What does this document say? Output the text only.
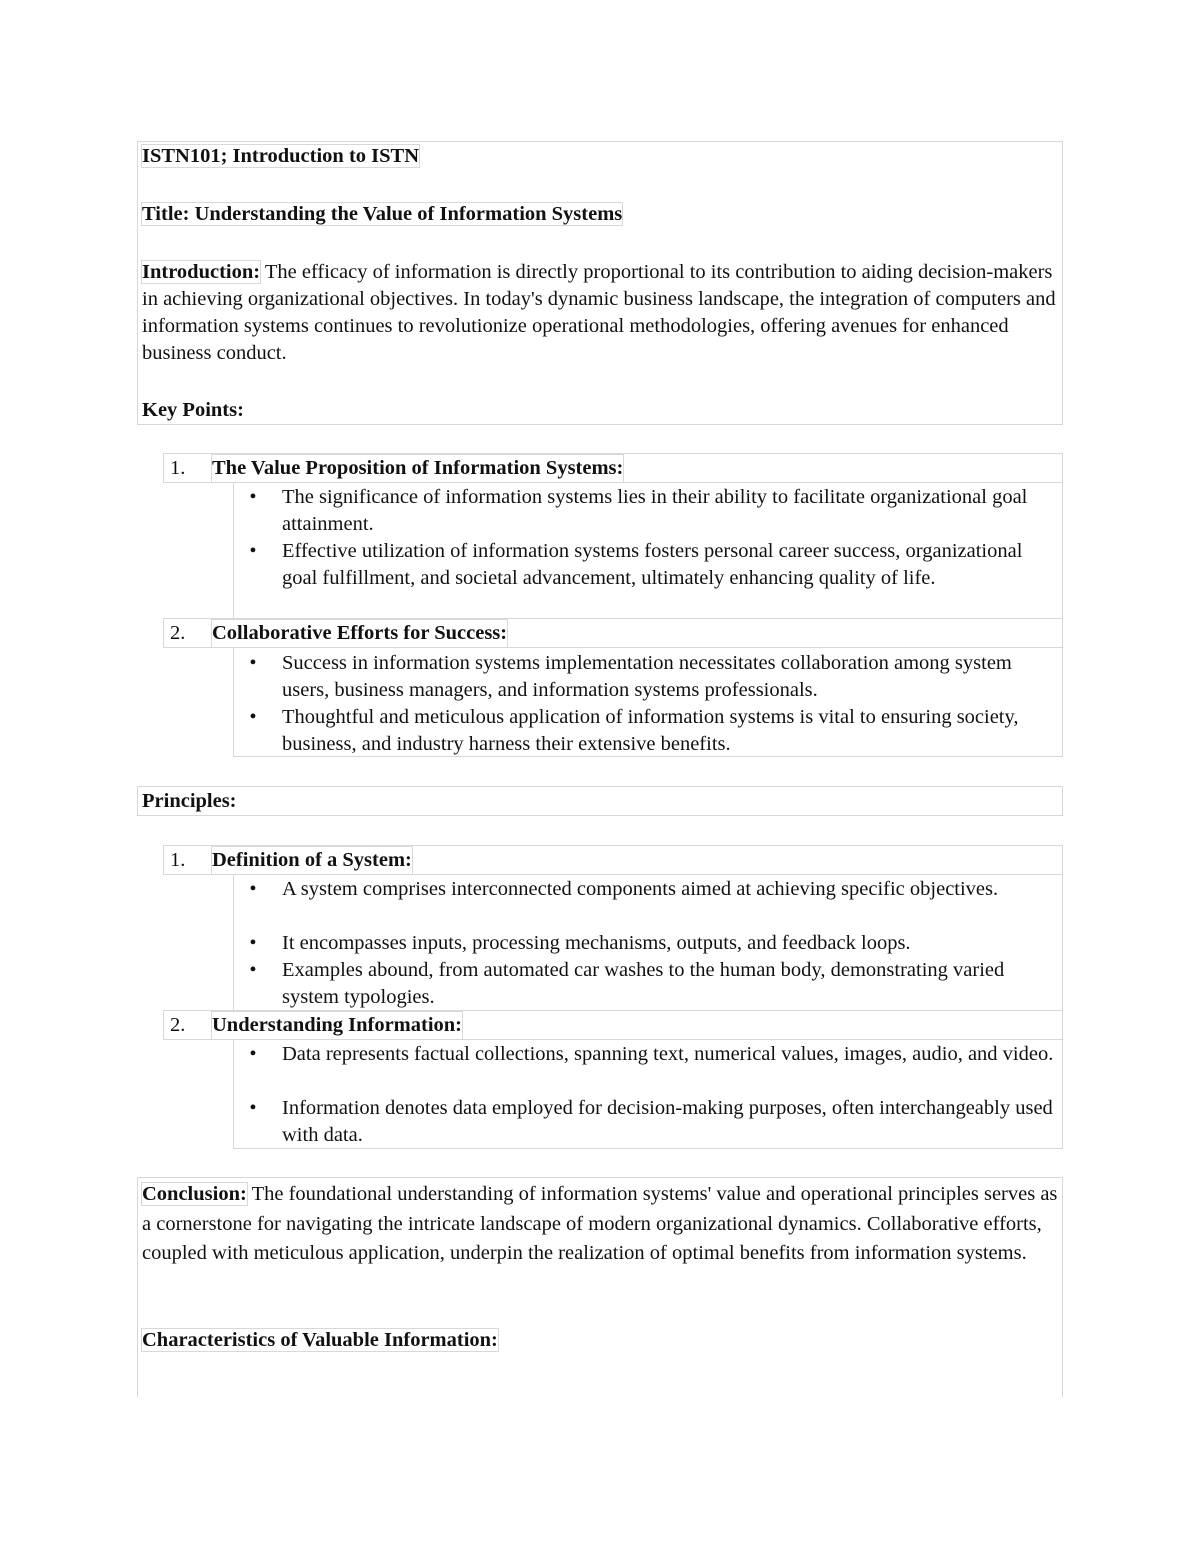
ISTN101; Introduction to ISTN
Title: Understanding the Value of Information Systems
Introduction: The efficacy of information is directly proportional to its contribution to aiding decision-makers in achieving organizational objectives. In today's dynamic business landscape, the integration of computers and information systems continues to revolutionize operational methodologies, offering avenues for enhanced business conduct.
Key Points:
1. The Value Proposition of Information Systems:
• The significance of information systems lies in their ability to facilitate organizational goal attainment.
• Effective utilization of information systems fosters personal career success, organizational goal fulfillment, and societal advancement, ultimately enhancing quality of life.
2. Collaborative Efforts for Success:
• Success in information systems implementation necessitates collaboration among system users, business managers, and information systems professionals.
• Thoughtful and meticulous application of information systems is vital to ensuring society, business, and industry harness their extensive benefits.
Principles:
1. Definition of a System:
• A system comprises interconnected components aimed at achieving specific objectives.
• It encompasses inputs, processing mechanisms, outputs, and feedback loops.
• Examples abound, from automated car washes to the human body, demonstrating varied system typologies.
2. Understanding Information:
• Data represents factual collections, spanning text, numerical values, images, audio, and video.
• Information denotes data employed for decision-making purposes, often interchangeably used with data.
Conclusion: The foundational understanding of information systems' value and operational principles serves as a cornerstone for navigating the intricate landscape of modern organizational dynamics. Collaborative efforts, coupled with meticulous application, underpin the realization of optimal benefits from information systems.
Characteristics of Valuable Information:
